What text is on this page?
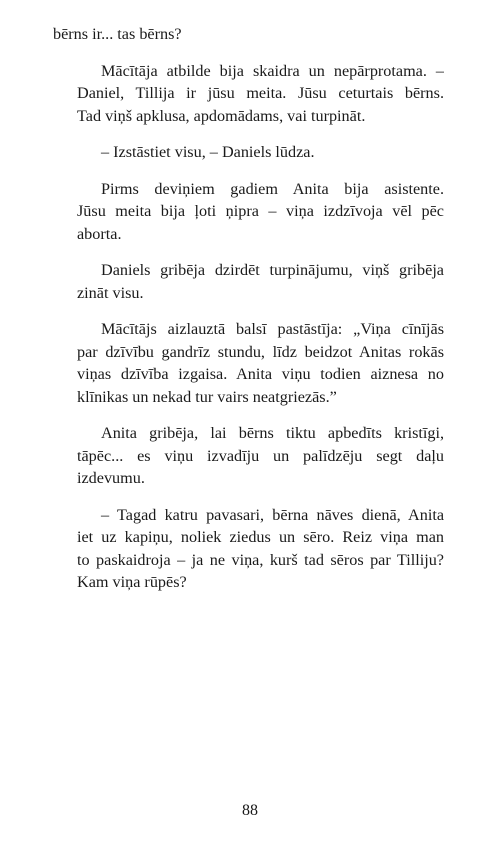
bērns ir... tas bērns?
Mācītāja atbilde bija skaidra un nepārprotama. –
Daniel, Tillija ir jūsu meita. Jūsu ceturtais bērns.
Tad viņš apklusa, apdomādams, vai turpināt.
– Izstāstiet visu, – Daniels lūdza.
Pirms deviņiem gadiem Anita bija asistente.
Jūsu meita bija ļoti ņipra – viņa izdzīvoja vēl pēc
aborta.
Daniels gribēja dzirdēt turpinājumu, viņš gribēja
zināt visu.
Mācītājs aizlauztā balsī pastāstīja: „Viņa cīnījās
par dzīvību gandrīz stundu, līdz beidzot Anitas rokās
viņas dzīvība izgaisa. Anita viņu todien aiznesa no
klīnikas un nekad tur vairs neatgriezās.”
Anita gribēja, lai bērns tiktu apbedīts kristīgi,
tāpēc... es viņu izvadīju un palīdzēju segt daļu
izdevumu.
– Tagad katru pavasari, bērna nāves dienā, Anita
iet uz kapiņu, noliek ziedus un sēro. Reiz viņa man
to paskaidroja – ja ne viņa, kurš tad sēros par Tilliju?
Kam viņa rūpēs?
88
